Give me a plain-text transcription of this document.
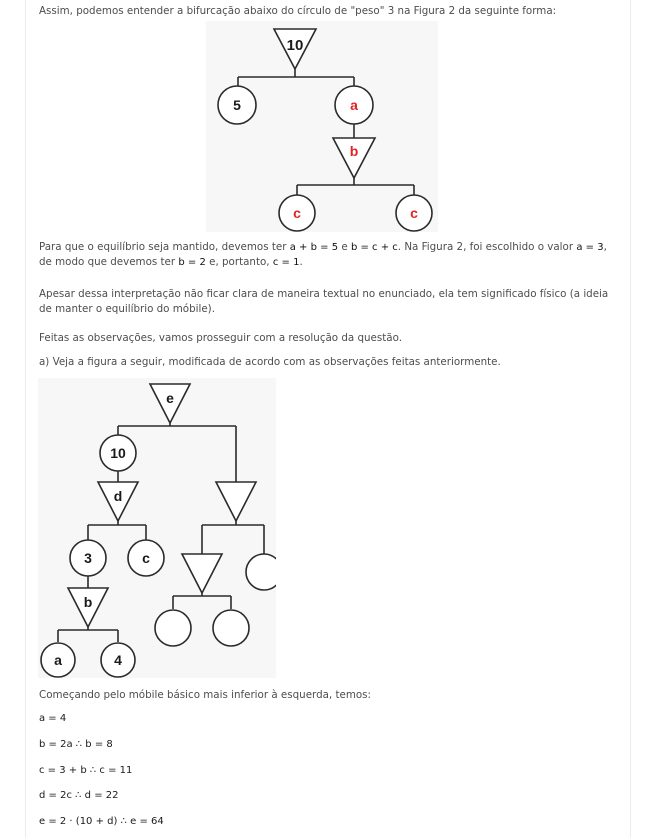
Assim, podemos entender a bifurcação abaixo do círculo de "peso" 3 na Figura 2 da seguinte forma:

10
5	a
b
c	c

Para que o equilíbrio seja mantido, devemos ter a + b = 5 e b = c + c. Na Figura 2, foi escolhido o valor a = 3,
de modo que devemos ter b = 2 e, portanto, c = 1.

Apesar dessa interpretação não ficar clara de maneira textual no enunciado, ela tem significado físico (a ideia de manter o equilíbrio do móbile).

Feitas as observações, vamos prosseguir com a resolução da questão.

a) Veja a figura a seguir, modificada de acordo com as observações feitas anteriormente.

e
10
d
3	c
b
a	4

Começando pelo móbile básico mais inferior à esquerda, temos:

a = 4
b = 2a ∴ b = 8
c = 3 + b ∴ c = 11
d = 2c ∴ d = 22
e = 2 · (10 + d) ∴ e = 64
